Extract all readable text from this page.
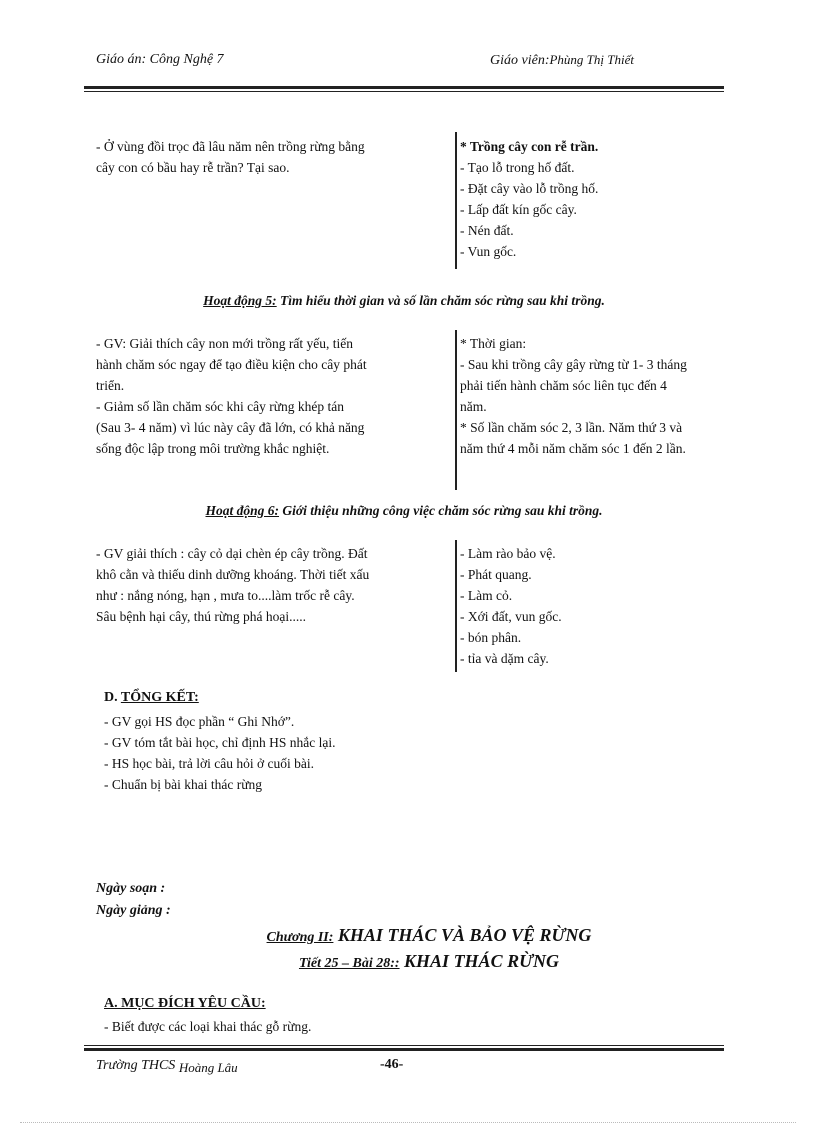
Giáo án: Công Nghệ 7	Giáo viên:Phùng Thị Thiết
- Ở vùng đồi trọc đã lâu năm nên trồng rừng bằng
cây con có bầu hay rễ trần? Tại sao.
* Trồng cây con rễ trần.
- Tạo lỗ trong hố đất.
- Đặt cây vào lỗ trồng hố.
- Lấp đất kín gốc cây.
- Nén đất.
- Vun gốc.
Hoạt động 5: Tìm hiểu thời gian và số lần chăm sóc rừng sau khi trồng.
- GV: Giải thích cây non mới trồng rất yếu, tiến
hành chăm sóc ngay để tạo điều kiện cho cây phát
triển.
- Giảm số lần chăm sóc khi cây rừng khép tán
(Sau 3- 4 năm) vì lúc này cây đã lớn, có khả năng
sống độc lập trong môi trường khắc nghiệt.
* Thời gian:
- Sau khi trồng cây gây rừng từ 1- 3 tháng
phải tiến hành chăm sóc liên tục đến 4
năm.
* Số lần chăm sóc 2, 3 lần. Năm thứ 3 và
năm thứ 4 mỗi năm chăm sóc 1 đến 2 lần.
Hoạt động 6: Giới thiệu những công việc chăm sóc rừng sau khi trồng.
- GV giải thích : cây cỏ dại chèn ép cây trồng. Đất
khô cằn và thiếu dinh dưỡng khoáng. Thời tiết xấu
như : nắng nóng, hạn , mưa to....làm trốc rễ cây.
Sâu bệnh hại cây, thú rừng phá hoại.....
- Làm rào bảo vệ.
- Phát quang.
- Làm cỏ.
- Xới đất, vun gốc.
- bón phân.
- tỉa và dặm cây.
D. TỔNG KẾT:
- GV gọi HS đọc phần “ Ghi Nhớ”.
- GV tóm tắt bài học, chỉ định HS nhắc lại.
- HS học bài, trả lời câu hỏi ở cuối bài.
- Chuẩn bị bài khai thác rừng
Ngày soạn :
Ngày giảng :
Chương II: KHAI THÁC VÀ BẢO VỆ RỪNG
Tiết 25 – Bài 28:: KHAI THÁC RỪNG
A. MỤC ĐÍCH YÊU CẦU:
- Biết được các loại khai thác gỗ rừng.
Trường THCS Hoàng Lâu	-46-
